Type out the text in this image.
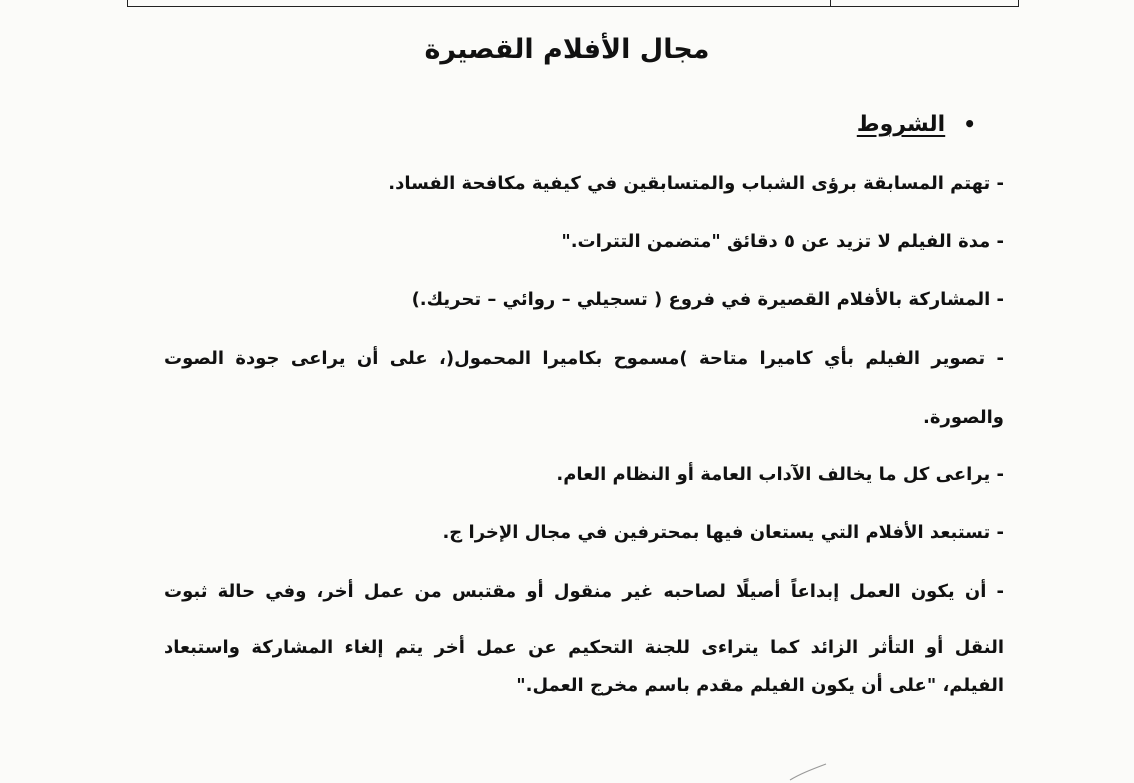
مجال الأفلام القصيرة
•الشروط
- تهتم المسابقة برؤى الشباب والمتسابقين في كيفية مكافحة الفساد.
- مدة الفيلم لا تزيد عن ٥ دقائق "متضمن التترات."
- المشاركة بالأفلام القصيرة في فروع ( تسجيلي – روائي – تحريك.)
- تصوير الفيلم بأي كاميرا متاحة )مسموح بكاميرا المحمول(، على أن يراعى جودة الصوت
والصورة.
- يراعى كل ما يخالف الآداب العامة أو النظام العام.
- تستبعد الأفلام التي يستعان فيها بمحترفين في مجال الإخرا ج.
- أن يكون العمل إبداعاً أصيلًا لصاحبه غير منقول أو مقتبس من عمل أخر، وفي حالة ثبوت
النقل أو التأثر الزائد كما يتراءى للجنة التحكيم عن عمل أخر يتم إلغاء المشاركة واستبعاد
الفيلم، "على أن يكون الفيلم مقدم باسم مخرج العمل."
